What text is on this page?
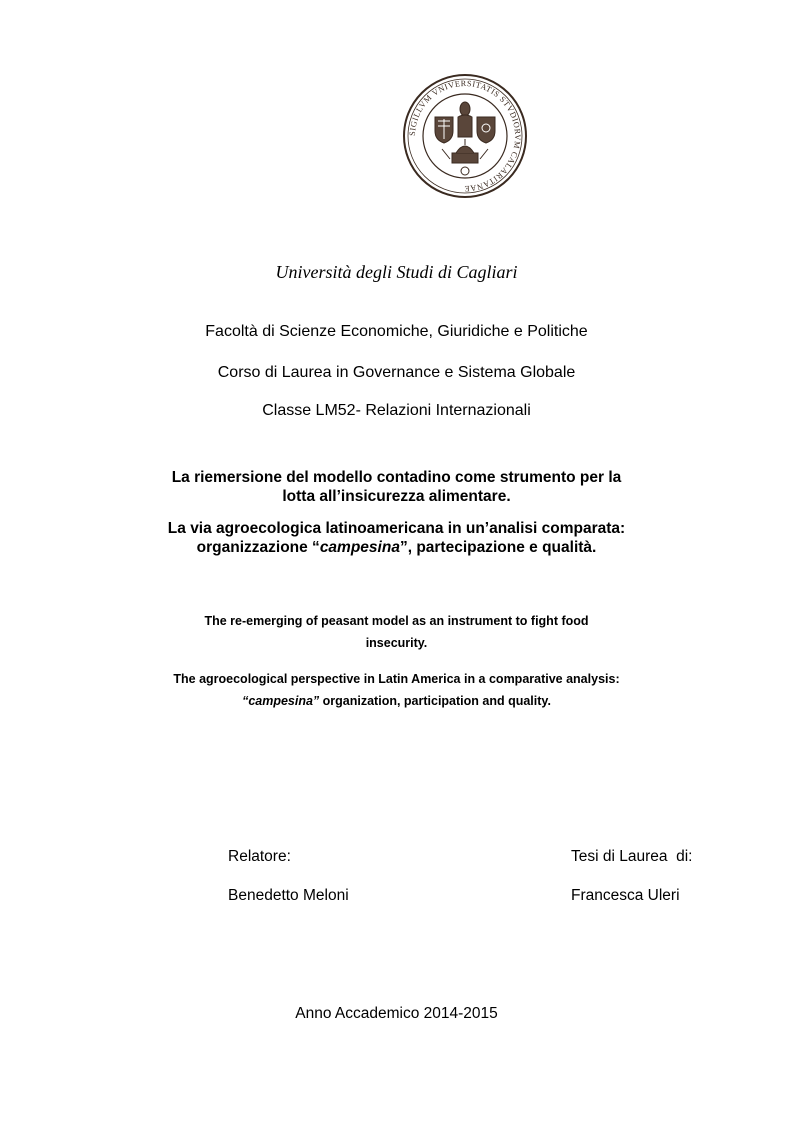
SIGILLVM VNIVERSITATIS STVDIORVM CALARITANAE
Università degli Studi di Cagliari
Facoltà di Scienze Economiche, Giuridiche e Politiche
Corso di Laurea in Governance e Sistema Globale
Classe LM52- Relazioni Internazionali
La riemersione del modello contadino come strumento per la
lotta all’insicurezza alimentare.
La via agroecologica latinoamericana in un’analisi comparata:
organizzazione “campesina”, partecipazione e qualità.
The re-emerging of peasant model as an instrument to fight food
insecurity.
The agroecological perspective in Latin America in a comparative analysis:
“campesina” organization, participation and quality.
Relatore:
Benedetto Meloni
Tesi di Laurea  di:
Francesca Uleri
Anno Accademico 2014-2015
